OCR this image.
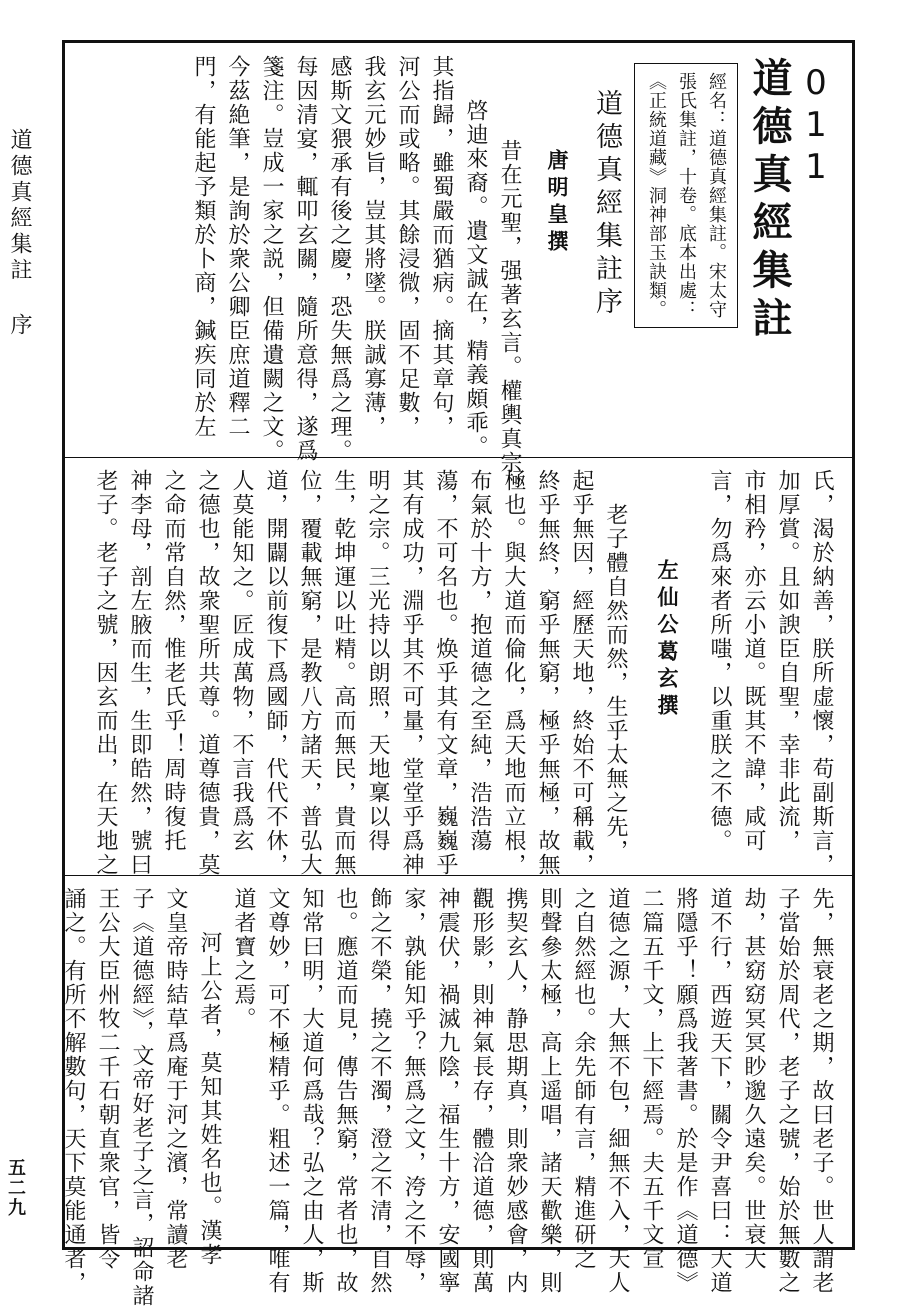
道德真經集註 序
五二九
011
道德真經集註
經名：道德真經集註。宋太守
張氏集註，十卷。底本出處：
《正統道藏》洞神部玉訣類。
道德真經集註序
唐明皇撰
昔在元聖，强著玄言。權輿真宗，
啓迪來裔。遺文誠在，精義頗乖。
其指歸，雖蜀嚴而猶病。摘其章句，
河公而或略。其餘浸微，固不足數，
我玄元妙旨，豈其將墜。朕誠寡薄，
感斯文猥承有後之慶，恐失無爲之理。
每因清宴，輒叩玄關，隨所意得，遂爲
箋注。豈成一家之説，但備遺闕之文。
今茲絶筆，是詢於衆公卿臣庶道釋二
門，有能起予類於卜商，鍼疾同於左
氏，渴於納善，朕所虚懷，苟副斯言，
加厚賞。且如諛臣自聖，幸非此流，
市相矜，亦云小道。既其不諱，咸可
言，勿爲來者所嗤，以重朕之不德。
左仙公葛玄撰
老子體自然而然，生乎太無之先，
起乎無因，經歷天地，終始不可稱載，
終乎無終，窮乎無窮，極乎無極，故無
極也。與大道而倫化，爲天地而立根，
布氣於十方，抱道德之至純，浩浩蕩
蕩，不可名也。焕乎其有文章，巍巍乎
其有成功，淵乎其不可量，堂堂乎爲神
明之宗。三光持以朗照，天地稟以得
生，乾坤運以吐精。高而無民，貴而無
位，覆載無窮，是教八方諸天，普弘大
道，開闢以前復下爲國師，代代不休，
人莫能知之。匠成萬物，不言我爲玄
之德也，故衆聖所共尊。道尊德貴，莫
之命而常自然，惟老氏乎！周時復托
神李母，剖左腋而生，生即皓然，號曰
老子。老子之號，因玄而出，在天地之
先，無衰老之期，故曰老子。世人謂老
子當始於周代，老子之號，始於無數之
劫，甚窈窈冥冥眇邈久遠矣。世衰大
道不行，西遊天下，關令尹喜曰：大道
將隱乎！願爲我著書。於是作《道德》
二篇五千文，上下經焉。夫五千文宣
道德之源，大無不包，細無不入，天人
之自然經也。余先師有言，精進研之
則聲參太極，高上遥唱，諸天歡樂，則
携契玄人，静思期真，則衆妙感會，内
觀形影，則神氣長存，體洽道德，則萬
神震伏，禍滅九陰，福生十方，安國寧
家，孰能知乎？無爲之文，洿之不辱，
飾之不榮，撓之不濁，澄之不清，自然
也。應道而見，傳告無窮，常者也，故
知常曰明，大道何爲哉？弘之由人，斯
文尊妙，可不極精乎。粗述一篇，唯有
道者寶之焉。
河上公者，莫知其姓名也。漢孝
文皇帝時結草爲庵于河之濱，常讀老
子《道德經》，文帝好老子之言，詔命諸
王公大臣州牧二千石朝直衆官，皆令
誦之。有所不解數句，天下莫能通者，
